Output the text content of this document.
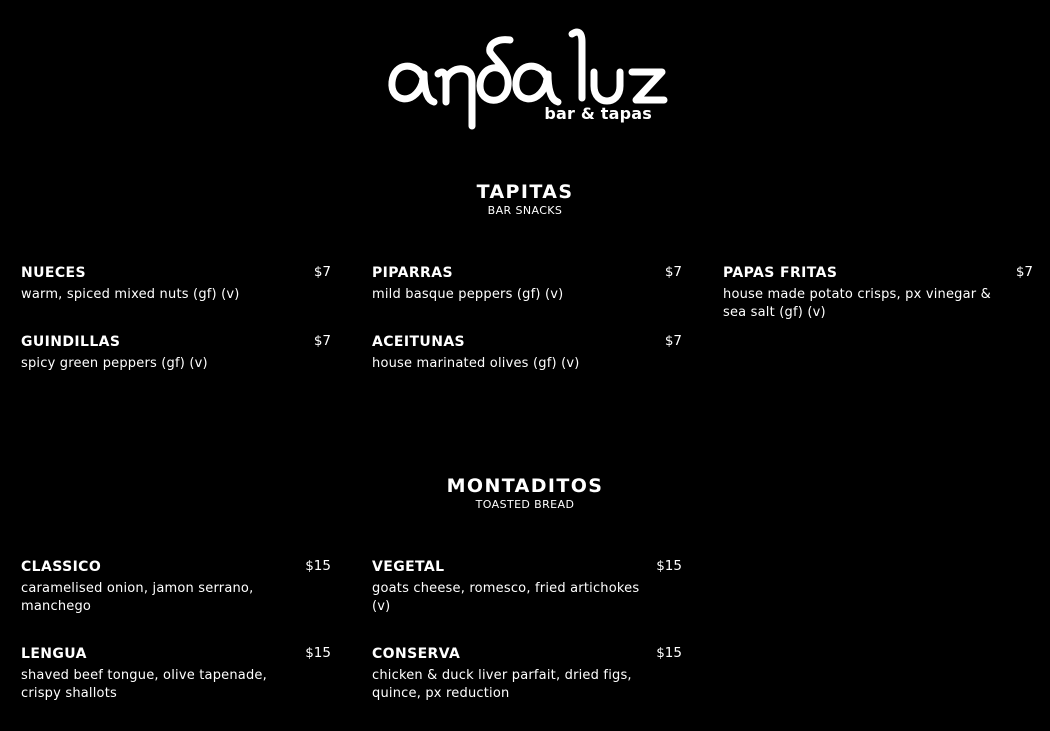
bar & tapas
TAPITAS
BAR SNACKS
NUECES	$7
warm, spiced mixed nuts (gf) (v)
PIPARRAS	$7
mild basque peppers (gf) (v)
PAPAS FRITAS	$7
house made potato crisps, px vinegar & sea salt (gf) (v)
GUINDILLAS	$7
spicy green peppers (gf) (v)
ACEITUNAS	$7
house marinated olives (gf) (v)
MONTADITOS
TOASTED BREAD
CLASSICO	$15
caramelised onion, jamon serrano, manchego
VEGETAL	$15
goats cheese, romesco, fried artichokes (v)
LENGUA	$15
shaved beef tongue, olive tapenade, crispy shallots
CONSERVA	$15
chicken & duck liver parfait, dried figs, quince, px reduction
